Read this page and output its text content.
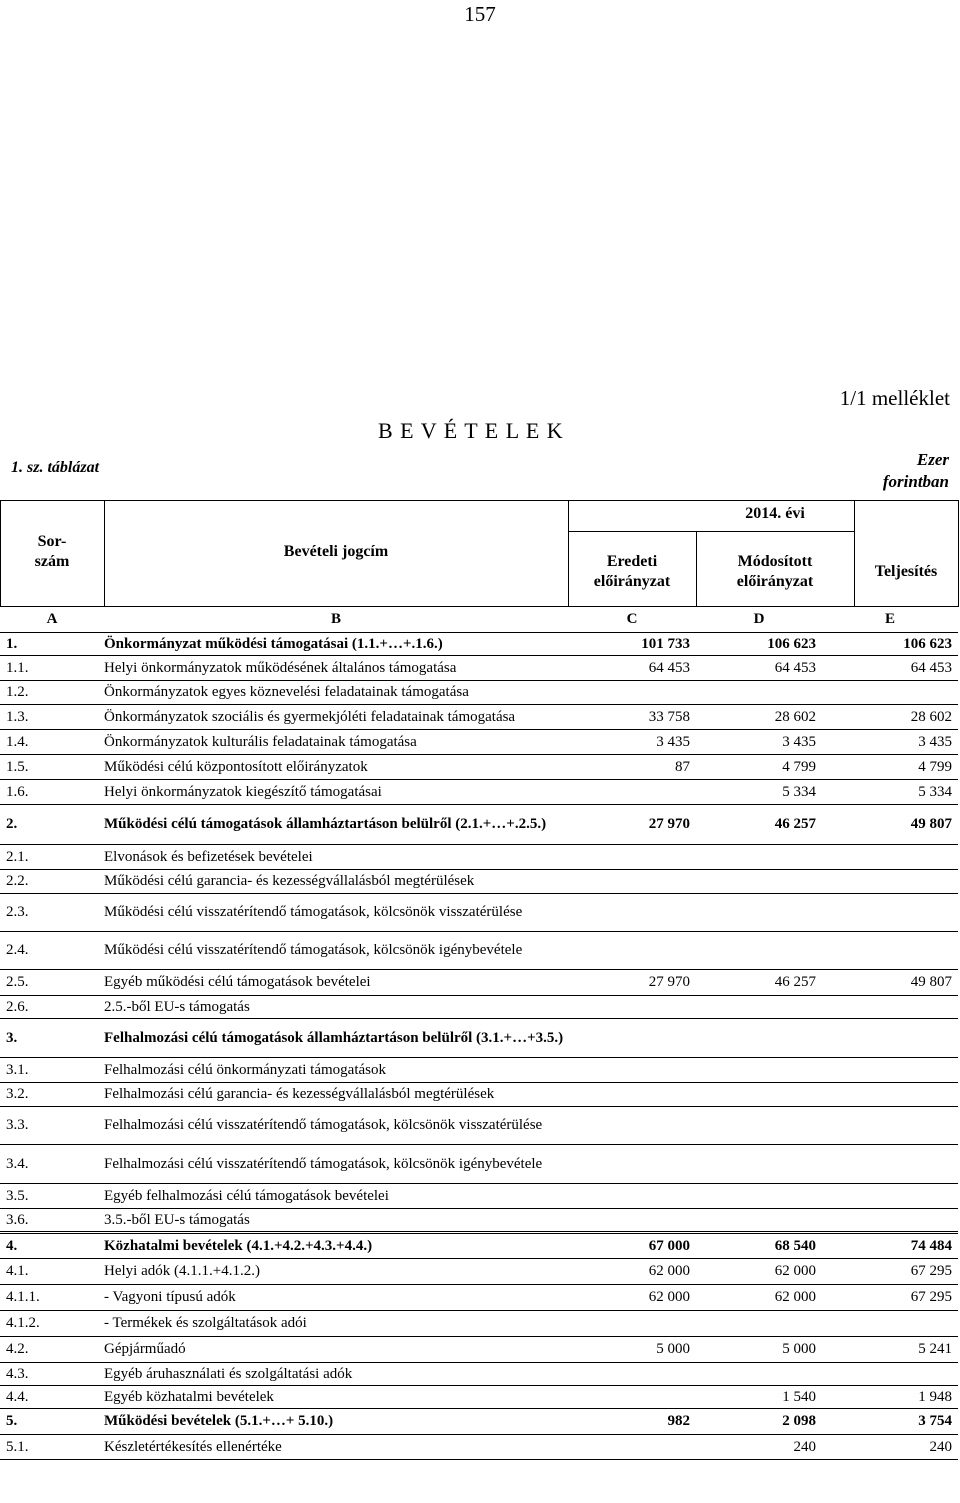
157
1/1 melléklet
B E V É T E L E K
1. sz. táblázat	Ezer
forintban
Sor-
szám
Bevételi jogcím
2014. évi
Eredeti
előirányzat
Módosított
előirányzat
Teljesítés
A	B	C	D	E
1.	Önkormányzat működési támogatásai (1.1.+…+.1.6.)	101 733	106 623	106 623
1.1.	Helyi önkormányzatok működésének általános támogatása	64 453	64 453	64 453
1.2.	Önkormányzatok egyes köznevelési feladatainak támogatása			
1.3.	Önkormányzatok szociális és gyermekjóléti feladatainak támogatása	33 758	28 602	28 602
1.4.	Önkormányzatok kulturális feladatainak támogatása	3 435	3 435	3 435
1.5.	Működési célú központosított előirányzatok	87	4 799	4 799
1.6.	Helyi önkormányzatok kiegészítő támogatásai		5 334	5 334
2.	Működési célú támogatások államháztartáson belülről (2.1.+…+.2.5.)	27 970	46 257	49 807
2.1.	Elvonások és befizetések bevételei			
2.2.	Működési célú garancia- és kezességvállalásból megtérülések			
2.3.	Működési célú visszatérítendő támogatások, kölcsönök visszatérülése			
2.4.	Működési célú visszatérítendő támogatások, kölcsönök igénybevétele			
2.5.	Egyéb működési célú támogatások bevételei	27 970	46 257	49 807
2.6.	2.5.-ből EU-s támogatás			
3.	Felhalmozási célú támogatások államháztartáson belülről (3.1.+…+3.5.)			
3.1.	Felhalmozási célú önkormányzati támogatások			
3.2.	Felhalmozási célú garancia- és kezességvállalásból megtérülések			
3.3.	Felhalmozási célú visszatérítendő támogatások, kölcsönök visszatérülése			
3.4.	Felhalmozási célú visszatérítendő támogatások, kölcsönök igénybevétele			
3.5.	Egyéb felhalmozási célú támogatások bevételei			
3.6.	3.5.-ből EU-s támogatás			
4.	Közhatalmi bevételek (4.1.+4.2.+4.3.+4.4.)	67 000	68 540	74 484
4.1.	Helyi adók (4.1.1.+4.1.2.)	62 000	62 000	67 295
4.1.1.	- Vagyoni típusú adók	62 000	62 000	67 295
4.1.2.	- Termékek és szolgáltatások adói			
4.2.	Gépjárműadó	5 000	5 000	5 241
4.3.	Egyéb áruhasználati és szolgáltatási adók			
4.4.	Egyéb közhatalmi bevételek		1 540	1 948
5.	Működési bevételek (5.1.+…+ 5.10.)	982	2 098	3 754
5.1.	Készletértékesítés ellenértéke		240	240
